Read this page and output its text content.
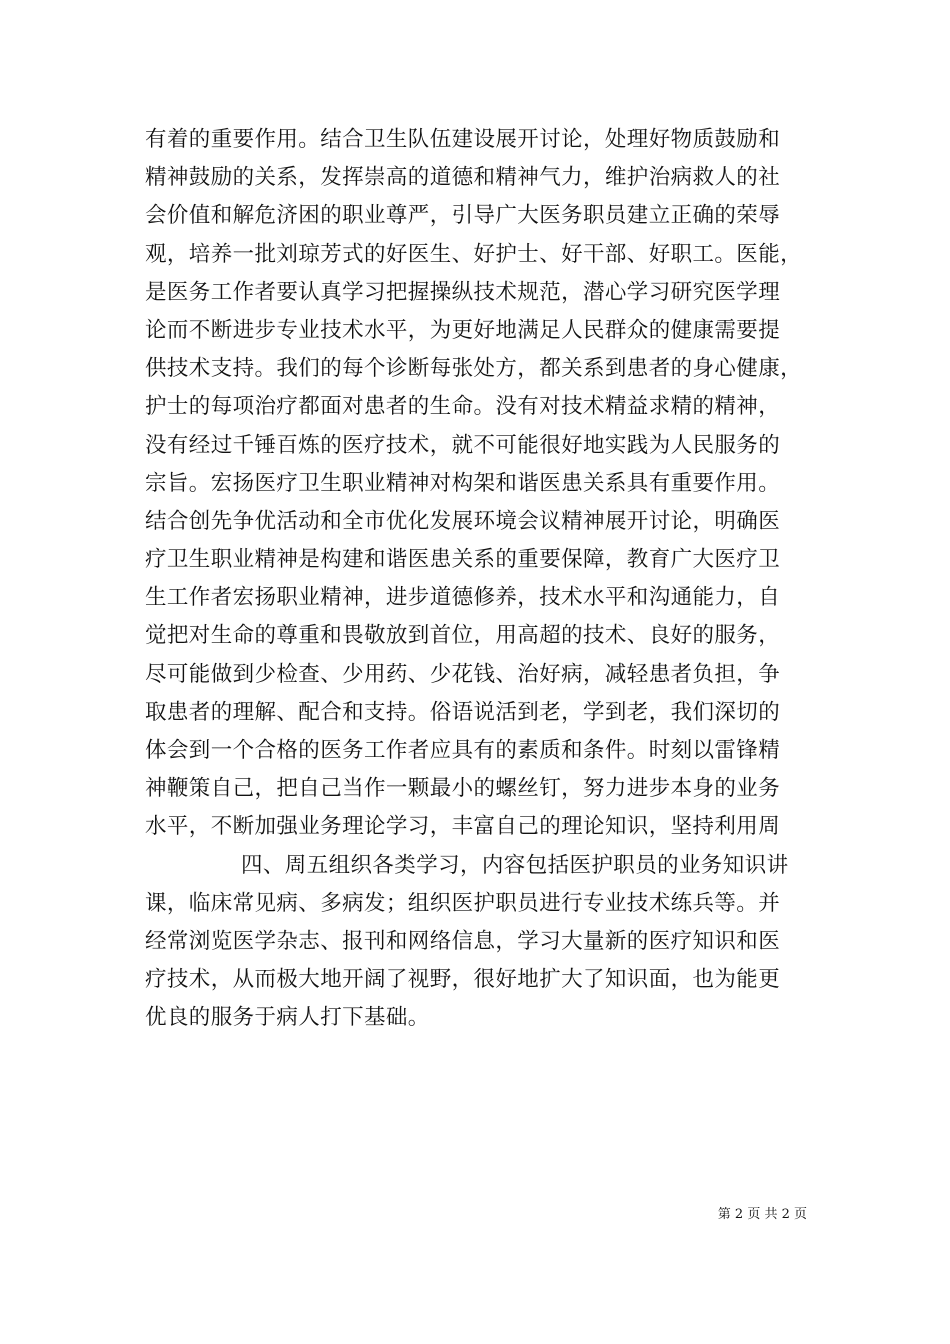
有着的重要作用。结合卫生队伍建设展开讨论，处理好物质鼓励和
精神鼓励的关系，发挥崇高的道德和精神气力，维护治病救人的社
会价值和解危济困的职业尊严，引导广大医务职员建立正确的荣辱
观，培养一批刘琼芳式的好医生、好护士、好干部、好职工。医能，
是医务工作者要认真学习把握操纵技术规范，潜心学习研究医学理
论而不断进步专业技术水平，为更好地满足人民群众的健康需要提
供技术支持。我们的每个诊断每张处方，都关系到患者的身心健康，
护士的每项治疗都面对患者的生命。没有对技术精益求精的精神，
没有经过千锤百炼的医疗技术，就不可能很好地实践为人民服务的
宗旨。宏扬医疗卫生职业精神对构架和谐医患关系具有重要作用。
结合创先争优活动和全市优化发展环境会议精神展开讨论，明确医
疗卫生职业精神是构建和谐医患关系的重要保障，教育广大医疗卫
生工作者宏扬职业精神，进步道德修养，技术水平和沟通能力，自
觉把对生命的尊重和畏敬放到首位，用高超的技术、良好的服务，
尽可能做到少检查、少用药、少花钱、治好病，减轻患者负担，争
取患者的理解、配合和支持。俗语说活到老，学到老，我们深切的
体会到一个合格的医务工作者应具有的素质和条件。时刻以雷锋精
神鞭策自己，把自己当作一颗最小的螺丝钉，努力进步本身的业务
水平，不断加强业务理论学习，丰富自己的理论知识，坚持利用周
四、周五组织各类学习，内容包括医护职员的业务知识讲
课，临床常见病、多病发；组织医护职员进行专业技术练兵等。并
经常浏览医学杂志、报刊和网络信息，学习大量新的医疗知识和医
疗技术，从而极大地开阔了视野，很好地扩大了知识面，也为能更
优良的服务于病人打下基础。
第 2 页 共 2 页
